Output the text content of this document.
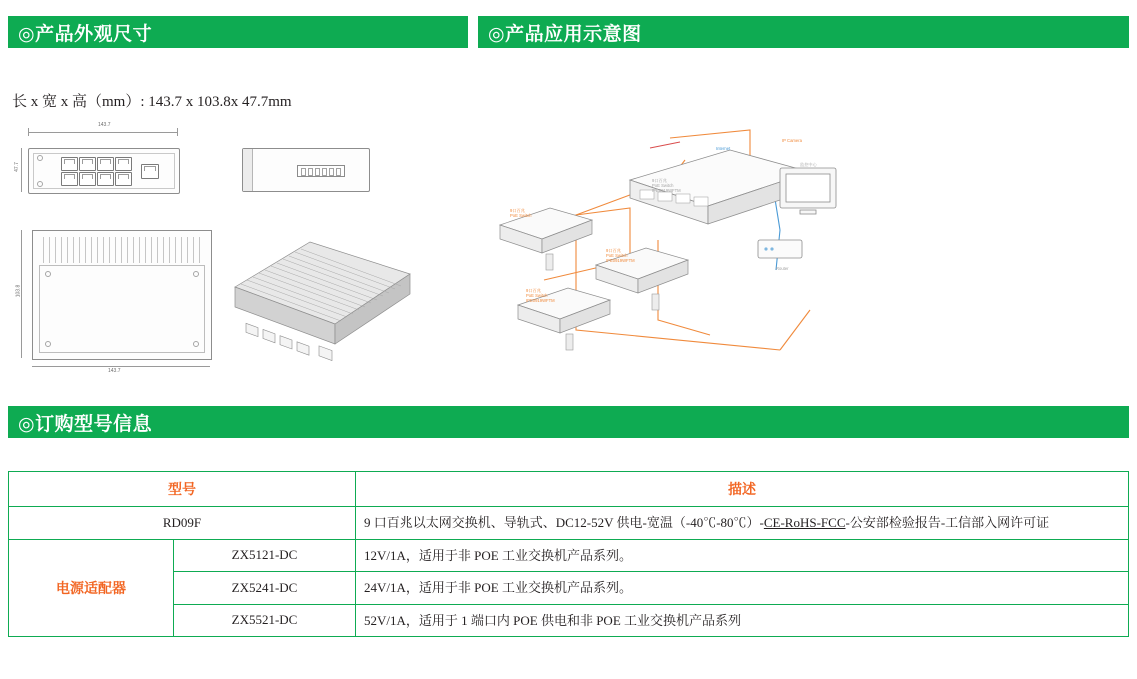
◎产品外观尺寸	◎产品应用示意图
◎订购型号信息
长 x 宽 x 高（mm）: 143.7 x 103.8x 47.7mm
143.7
47.7
103.8
143.7
9口百兆
PoE Switch
IPE0919WFTM
IP Camera
监控中心
Router
9口百兆
PoE Switch
9口百兆
PoE Switch
IPE0919WFTM
9口百兆
PoE Switch
IPE0919WFTM
Internet
型号		描述
RD09F		9 口百兆以太网交换机、导轨式、DC12-52V 供电-宽温（-40℃-80℃）-CE-RoHS-FCC-公安部检验报告-工信部入网许可证
电源适配器	ZX5121-DC	12V/1A，适用于非 POE 工业交换机产品系列。
	ZX5241-DC	24V/1A，适用于非 POE 工业交换机产品系列。
	ZX5521-DC	52V/1A，适用于 1 端口内 POE 供电和非 POE 工业交换机产品系列
